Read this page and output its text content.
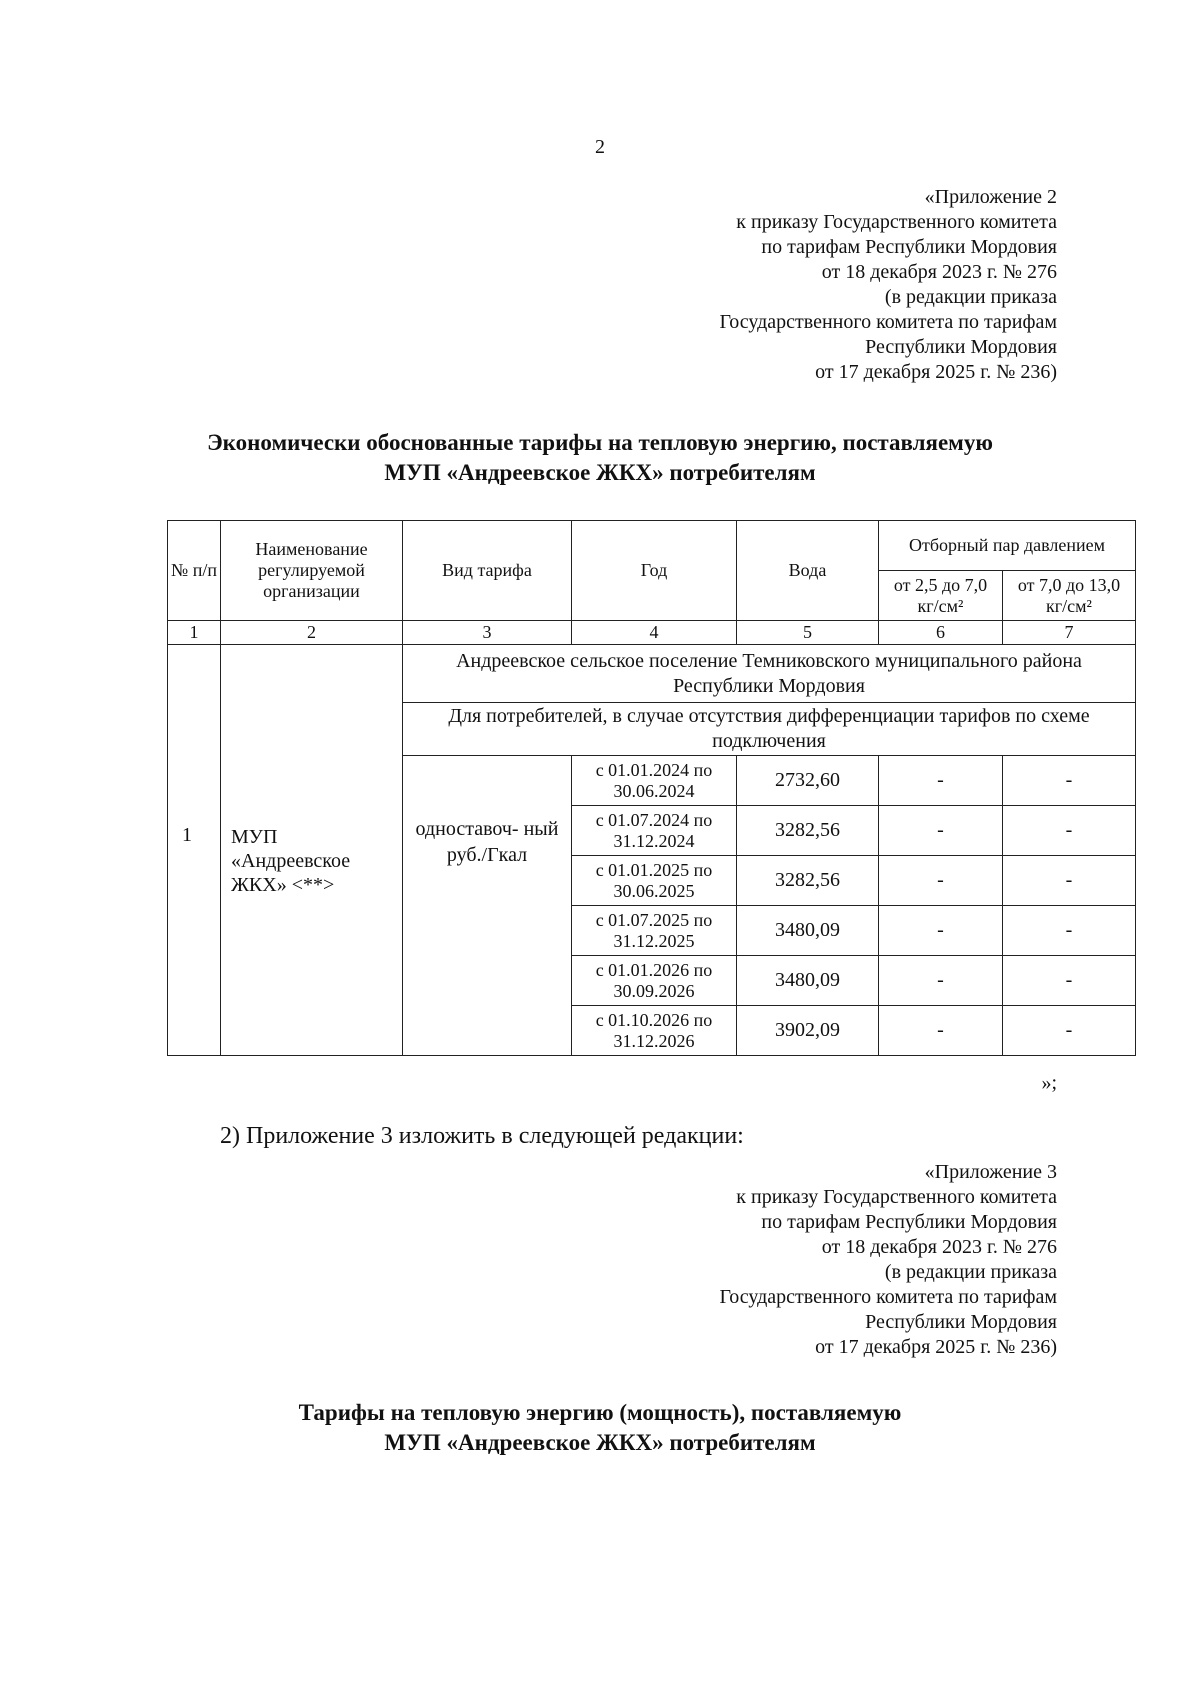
2
«Приложение 2
к приказу Государственного комитета
по тарифам Республики Мордовия
от 18 декабря 2023 г. № 276
(в редакции приказа
Государственного комитета по тарифам
Республики Мордовия
от 17 декабря 2025 г. № 236)
Экономически обоснованные тарифы на тепловую энергию, поставляемую
МУП «Андреевское ЖКХ» потребителям
№ п/п	Наименование регулируемой организации	Вид тарифа	Год	Вода	Отборный пар давлением	
					от 2,5 до 7,0 кг/см²	от 7,0 до 13,0 кг/см²
1	2	3	4	5	6	7
1	МУП «Андреевское ЖКХ» <**>	Андреевское сельское поселение Темниковского муниципального района Республики Мордовия				
		Для потребителей, в случае отсутствия дифференциации тарифов по схеме подключения				
		одноставоч- ный руб./Гкал	с 01.01.2024 по 30.06.2024	2732,60	-	-
			с 01.07.2024 по 31.12.2024	3282,56	-	-
			с 01.01.2025 по 30.06.2025	3282,56	-	-
			с 01.07.2025 по 31.12.2025	3480,09	-	-
			с 01.01.2026 по 30.09.2026	3480,09	-	-
			с 01.10.2026 по 31.12.2026	3902,09	-	-
»;
2) Приложение 3 изложить в следующей редакции:
«Приложение 3
к приказу Государственного комитета
по тарифам Республики Мордовия
от 18 декабря 2023 г. № 276
(в редакции приказа
Государственного комитета по тарифам
Республики Мордовия
от 17 декабря 2025 г. № 236)
Тарифы на тепловую энергию (мощность), поставляемую
МУП «Андреевское ЖКХ» потребителям
